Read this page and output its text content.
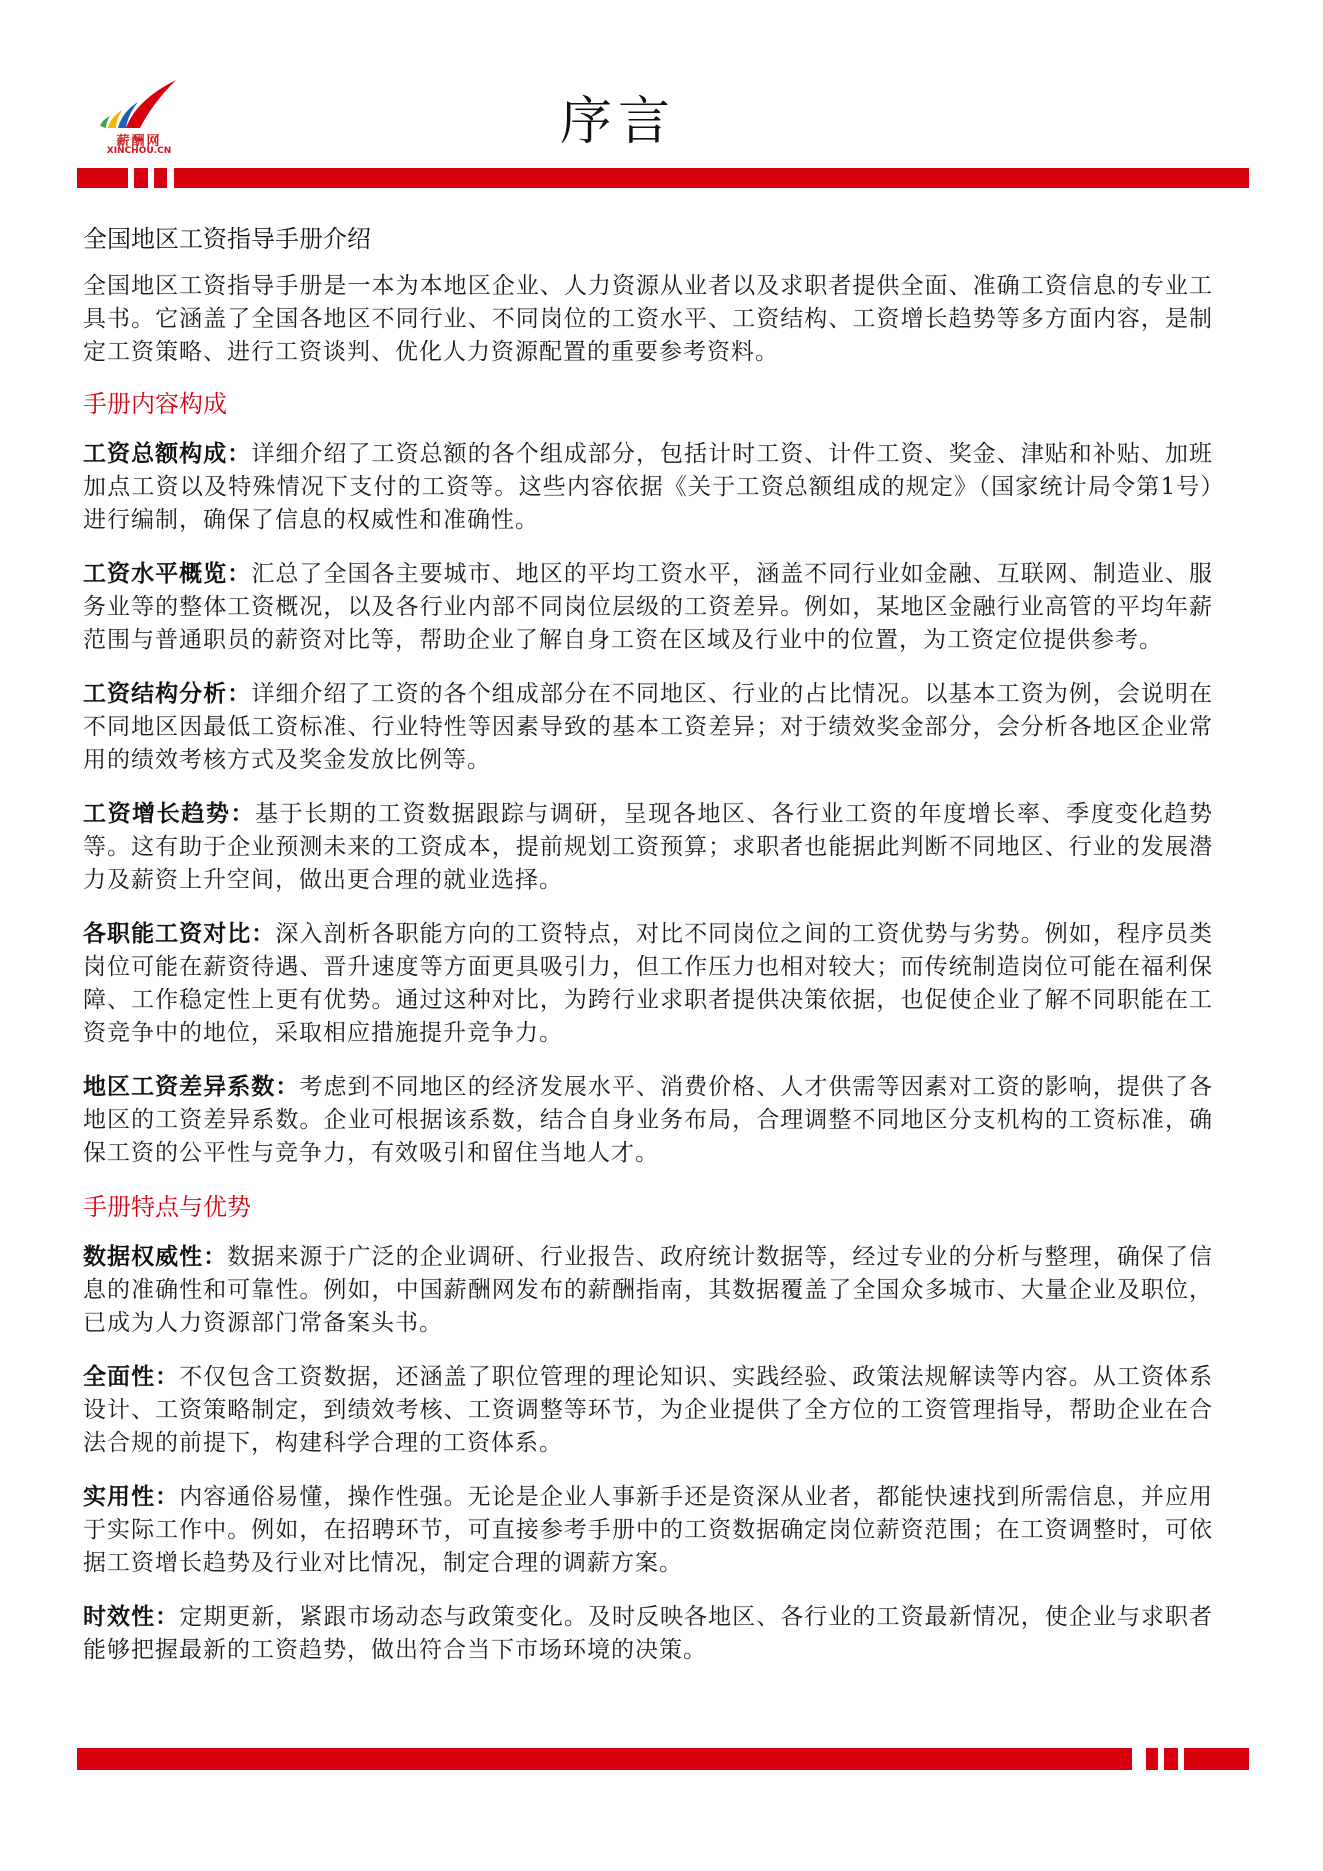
薪酬网
XINCHOU.CN	序言
全国地区工资指导手册介绍

全国地区工资指导手册是一本为本地区企业、人力资源从业者以及求职者提供全面、准确工资信息的专业工具书。它涵盖了全国各地区不同行业、不同岗位的工资水平、工资结构、工资增长趋势等多方面内容，是制定工资策略、进行工资谈判、优化人力资源配置的重要参考资料。

手册内容构成

工资总额构成：详细介绍了工资总额的各个组成部分，包括计时工资、计件工资、奖金、津贴和补贴、加班加点工资以及特殊情况下支付的工资等。这些内容依据《关于工资总额组成的规定》（国家统计局令第1号）进行编制，确保了信息的权威性和准确性。

工资水平概览：汇总了全国各主要城市、地区的平均工资水平，涵盖不同行业如金融、互联网、制造业、服务业等的整体工资概况，以及各行业内部不同岗位层级的工资差异。例如，某地区金融行业高管的平均年薪范围与普通职员的薪资对比等，帮助企业了解自身工资在区域及行业中的位置，为工资定位提供参考。

工资结构分析：详细介绍了工资的各个组成部分在不同地区、行业的占比情况。以基本工资为例，会说明在不同地区因最低工资标准、行业特性等因素导致的基本工资差异；对于绩效奖金部分，会分析各地区企业常用的绩效考核方式及奖金发放比例等。

工资增长趋势：基于长期的工资数据跟踪与调研，呈现各地区、各行业工资的年度增长率、季度变化趋势等。这有助于企业预测未来的工资成本，提前规划工资预算；求职者也能据此判断不同地区、行业的发展潜力及薪资上升空间，做出更合理的就业选择。

各职能工资对比：深入剖析各职能方向的工资特点，对比不同岗位之间的工资优势与劣势。例如，程序员类岗位可能在薪资待遇、晋升速度等方面更具吸引力，但工作压力也相对较大；而传统制造岗位可能在福利保障、工作稳定性上更有优势。通过这种对比，为跨行业求职者提供决策依据，也促使企业了解不同职能在工资竞争中的地位，采取相应措施提升竞争力。

地区工资差异系数：考虑到不同地区的经济发展水平、消费价格、人才供需等因素对工资的影响，提供了各地区的工资差异系数。企业可根据该系数，结合自身业务布局，合理调整不同地区分支机构的工资标准，确保工资的公平性与竞争力，有效吸引和留住当地人才。

手册特点与优势

数据权威性：数据来源于广泛的企业调研、行业报告、政府统计数据等，经过专业的分析与整理，确保了信息的准确性和可靠性。例如，中国薪酬网发布的薪酬指南，其数据覆盖了全国众多城市、大量企业及职位，已成为人力资源部门常备案头书。

全面性：不仅包含工资数据，还涵盖了职位管理的理论知识、实践经验、政策法规解读等内容。从工资体系设计、工资策略制定，到绩效考核、工资调整等环节，为企业提供了全方位的工资管理指导，帮助企业在合法合规的前提下，构建科学合理的工资体系。

实用性：内容通俗易懂，操作性强。无论是企业人事新手还是资深从业者，都能快速找到所需信息，并应用于实际工作中。例如，在招聘环节，可直接参考手册中的工资数据确定岗位薪资范围；在工资调整时，可依据工资增长趋势及行业对比情况，制定合理的调薪方案。

时效性：定期更新，紧跟市场动态与政策变化。及时反映各地区、各行业的工资最新情况，使企业与求职者能够把握最新的工资趋势，做出符合当下市场环境的决策。
